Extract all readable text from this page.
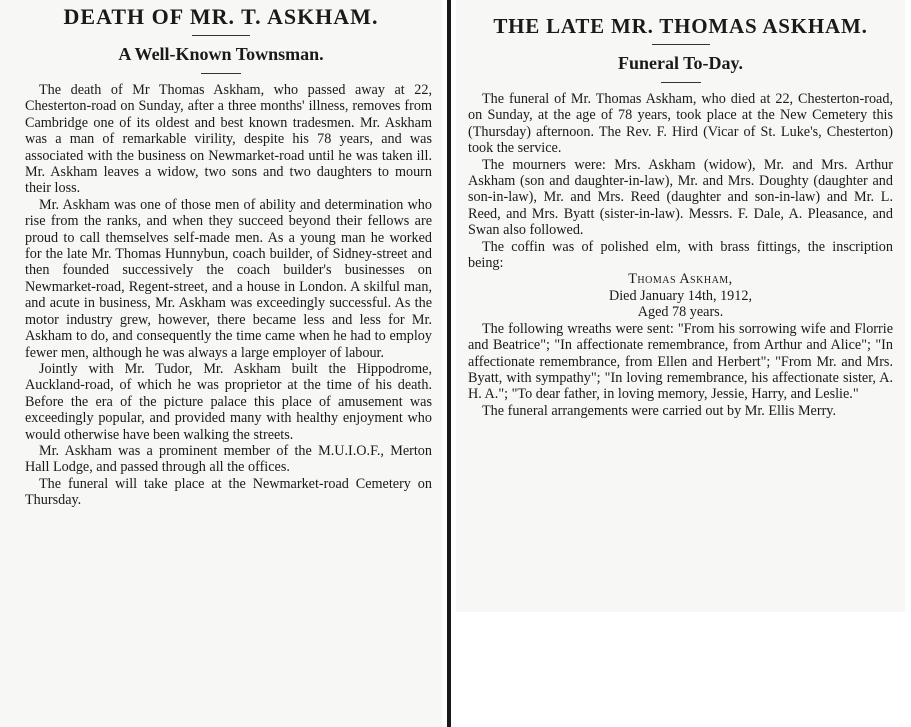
DEATH OF MR. T. ASKHAM.
A Well-Known Townsman.

The death of Mr Thomas Askham, who passed away at 22, Chesterton-road on Sunday, after a three months' illness, removes from Cambridge one of its oldest and best known tradesmen. Mr. Askham was a man of remarkable virility, despite his 78 years, and was associated with the business on Newmarket-road until he was taken ill. Mr. Askham leaves a widow, two sons and two daughters to mourn their loss.

Mr. Askham was one of those men of ability and determination who rise from the ranks, and when they succeed beyond their fellows are proud to call themselves self-made men. As a young man he worked for the late Mr. Thomas Hunnybun, coach builder, of Sidney-street and then founded successively the coach builder's businesses on Newmarket-road, Regent-street, and a house in London. A skilful man, and acute in business, Mr. Askham was exceedingly successful. As the motor industry grew, however, there became less and less for Mr. Askham to do, and consequently the time came when he had to employ fewer men, although he was always a large employer of labour.

Jointly with Mr. Tudor, Mr. Askham built the Hippodrome, Auckland-road, of which he was proprietor at the time of his death. Before the era of the picture palace this place of amusement was exceedingly popular, and provided many with healthy enjoyment who would otherwise have been walking the streets.

Mr. Askham was a prominent member of the M.U.I.O.F., Merton Hall Lodge, and passed through all the offices.

The funeral will take place at the Newmarket-road Cemetery on Thursday.

THE LATE MR. THOMAS ASKHAM.
Funeral To-Day.

The funeral of Mr. Thomas Askham, who died at 22, Chesterton-road, on Sunday, at the age of 78 years, took place at the New Cemetery this (Thursday) afternoon. The Rev. F. Hird (Vicar of St. Luke's, Chesterton) took the service.

The mourners were: Mrs. Askham (widow), Mr. and Mrs. Arthur Askham (son and daughter-in-law), Mr. and Mrs. Doughty (daughter and son-in-law), Mr. and Mrs. Reed (daughter and son-in-law) and Mr. L. Reed, and Mrs. Byatt (sister-in-law). Messrs. F. Dale, A. Pleasance, and Swan also followed.

The coffin was of polished elm, with brass fittings, the inscription being:

Thomas Askham,
Died January 14th, 1912,
Aged 78 years.

The following wreaths were sent: "From his sorrowing wife and Florrie and Beatrice"; "In affectionate remembrance, from Arthur and Alice"; "In affectionate remembrance, from Ellen and Herbert"; "From Mr. and Mrs. Byatt, with sympathy"; "In loving remembrance, his affectionate sister, A. H. A."; "To dear father, in loving memory, Jessie, Harry, and Leslie."

The funeral arrangements were carried out by Mr. Ellis Merry.
